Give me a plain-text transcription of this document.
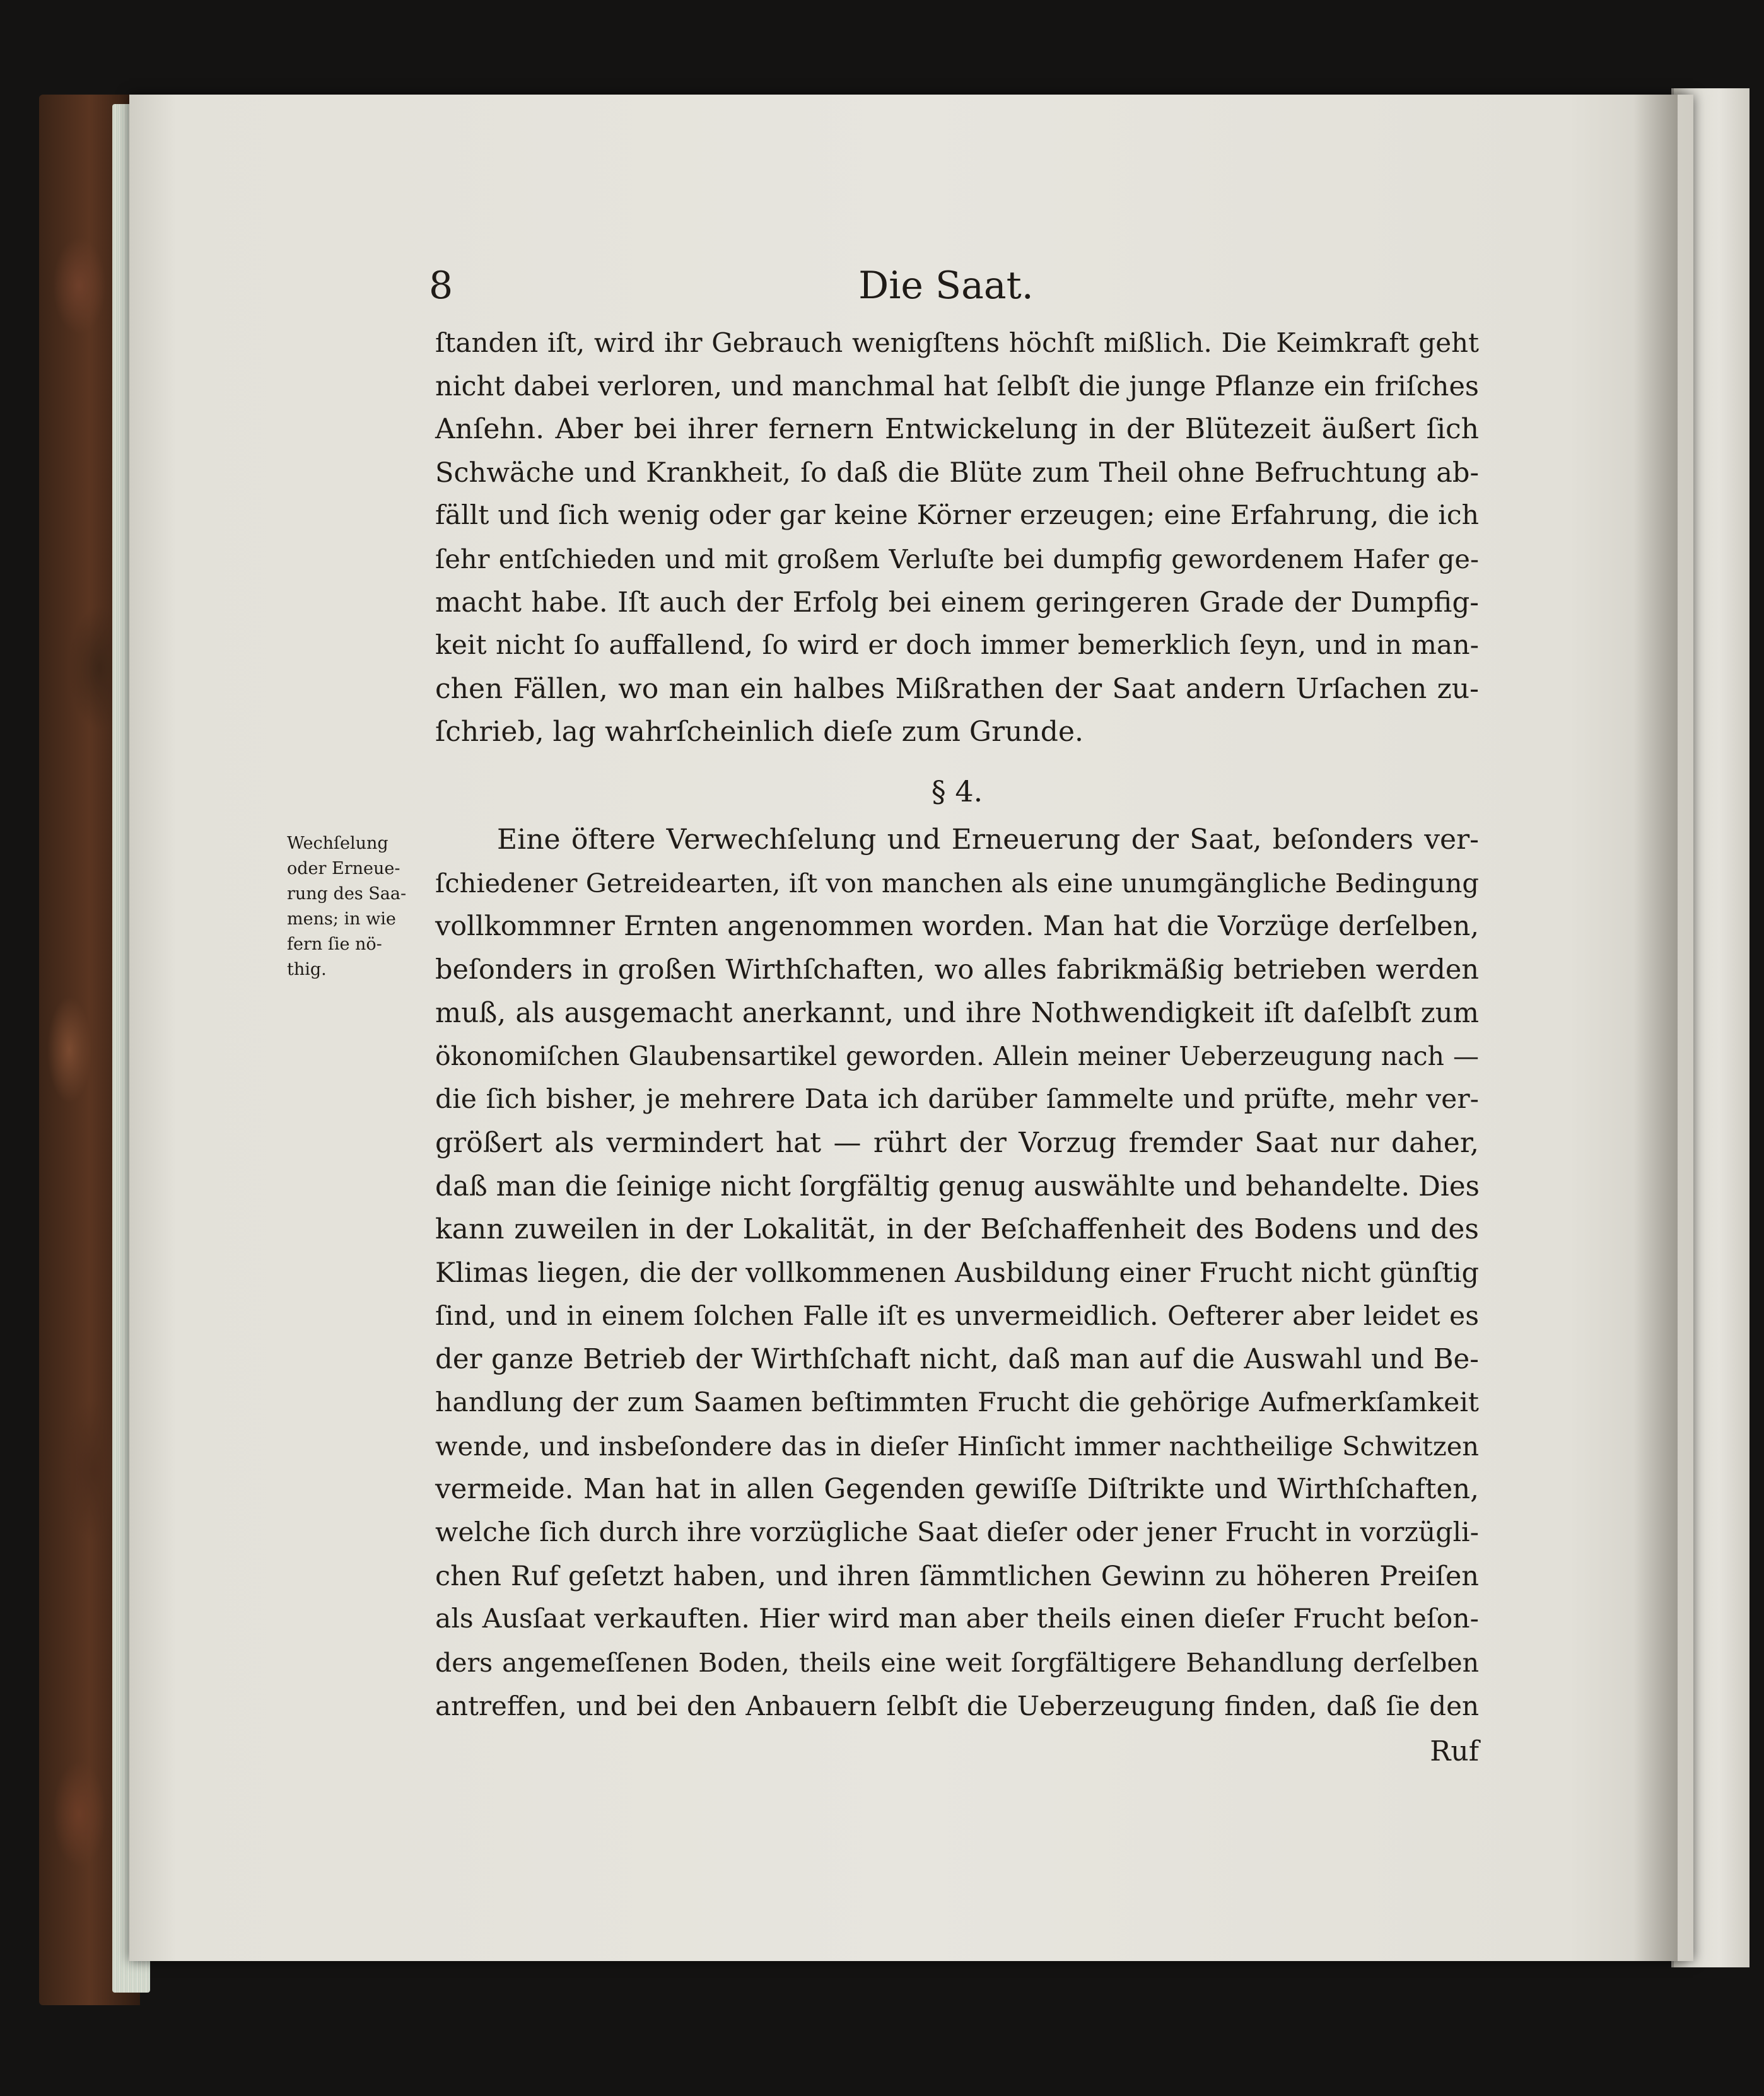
8	Die Saat.
ſtanden iſt, wird ihr Gebrauch wenigſtens höchſt mißlich. Die Keimkraft geht
nicht dabei verloren, und manchmal hat ſelbſt die junge Pflanze ein friſches
Anſehn. Aber bei ihrer fernern Entwickelung in der Blütezeit äußert ſich
Schwäche und Krankheit, ſo daß die Blüte zum Theil ohne Befruchtung ab-
fällt und ſich wenig oder gar keine Körner erzeugen; eine Erfahrung, die ich
ſehr entſchieden und mit großem Verluſte bei dumpfig gewordenem Hafer ge-
macht habe. Iſt auch der Erfolg bei einem geringeren Grade der Dumpfig-
keit nicht ſo auffallend, ſo wird er doch immer bemerklich ſeyn, und in man-
chen Fällen, wo man ein halbes Mißrathen der Saat andern Urſachen zu-
ſchrieb, lag wahrſcheinlich dieſe zum Grunde.
§ 4.
Wechſelung
oder Erneue-
rung des Saa-
mens; in wie
fern ſie nö-
thig.
Eine öftere Verwechſelung und Erneuerung der Saat, beſonders ver-
ſchiedener Getreidearten, iſt von manchen als eine unumgängliche Bedingung
vollkommner Ernten angenommen worden. Man hat die Vorzüge derſelben,
beſonders in großen Wirthſchaften, wo alles fabrikmäßig betrieben werden
muß, als ausgemacht anerkannt, und ihre Nothwendigkeit iſt daſelbſt zum
ökonomiſchen Glaubensartikel geworden. Allein meiner Ueberzeugung nach —
die ſich bisher, je mehrere Data ich darüber ſammelte und prüfte, mehr ver-
größert als vermindert hat — rührt der Vorzug fremder Saat nur daher,
daß man die ſeinige nicht ſorgfältig genug auswählte und behandelte. Dies
kann zuweilen in der Lokalität, in der Beſchaffenheit des Bodens und des
Klimas liegen, die der vollkommenen Ausbildung einer Frucht nicht günſtig
ſind, und in einem ſolchen Falle iſt es unvermeidlich. Oefterer aber leidet es
der ganze Betrieb der Wirthſchaft nicht, daß man auf die Auswahl und Be-
handlung der zum Saamen beſtimmten Frucht die gehörige Aufmerkſamkeit
wende, und insbeſondere das in dieſer Hinſicht immer nachtheilige Schwitzen
vermeide. Man hat in allen Gegenden gewiſſe Diſtrikte und Wirthſchaften,
welche ſich durch ihre vorzügliche Saat dieſer oder jener Frucht in vorzügli-
chen Ruf geſetzt haben, und ihren ſämmtlichen Gewinn zu höheren Preiſen
als Ausſaat verkauften. Hier wird man aber theils einen dieſer Frucht beſon-
ders angemeſſenen Boden, theils eine weit ſorgfältigere Behandlung derſelben
antreffen, und bei den Anbauern ſelbſt die Ueberzeugung finden, daß ſie den
Ruf
